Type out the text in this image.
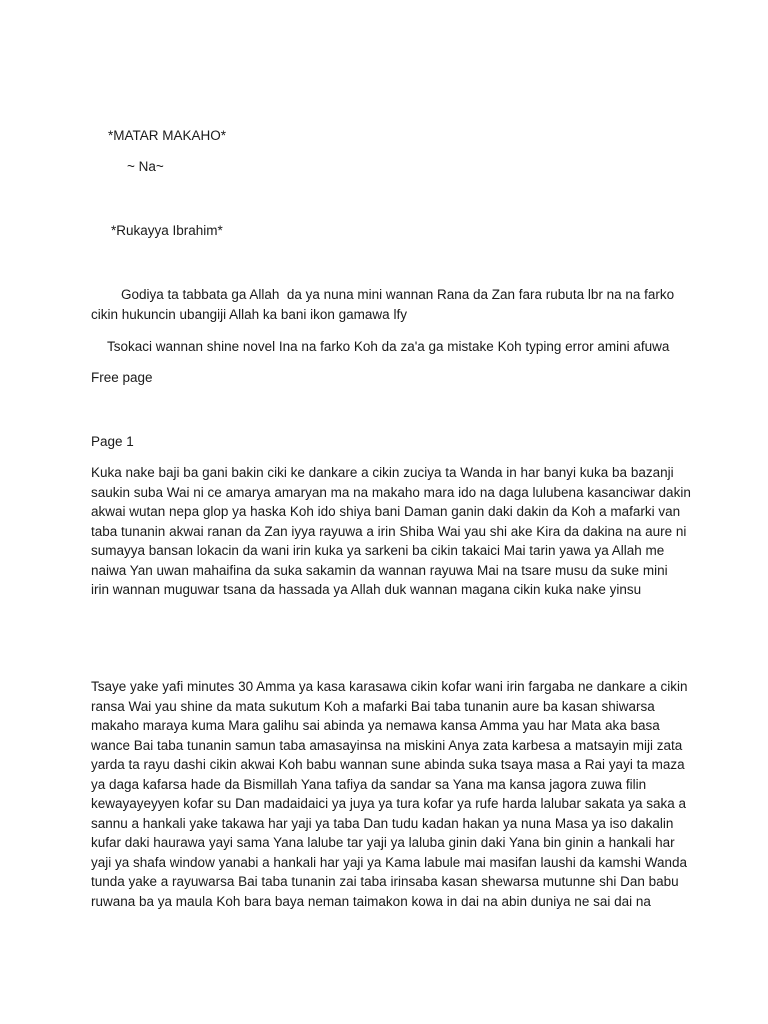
*MATAR MAKAHO*

~ Na~

*Rukayya Ibrahim*

Godiya ta tabbata ga Allah  da ya nuna mini wannan Rana da Zan fara rubuta lbr na na farko
cikin hukuncin ubangiji Allah ka bani ikon gamawa lfy

Tsokaci wannan shine novel Ina na farko Koh da za'a ga mistake Koh typing error amini afuwa

Free page

Page 1

Kuka nake baji ba gani bakin ciki ke dankare a cikin zuciya ta Wanda in har banyi kuka ba bazanji
saukin suba Wai ni ce amarya amaryan ma na makaho mara ido na daga lulubena kasanciwar dakin
akwai wutan nepa glop ya haska Koh ido shiya bani Daman ganin daki dakin da Koh a mafarki van
taba tunanin akwai ranan da Zan iyya rayuwa a irin Shiba Wai yau shi ake Kira da dakina na aure ni
sumayya bansan lokacin da wani irin kuka ya sarkeni ba cikin takaici Mai tarin yawa ya Allah me
naiwa Yan uwan mahaifina da suka sakamin da wannan rayuwa Mai na tsare musu da suke mini
irin wannan muguwar tsana da hassada ya Allah duk wannan magana cikin kuka nake yinsu
Tsaye yake yafi minutes 30 Amma ya kasa karasawa cikin kofar wani irin fargaba ne dankare a cikin
ransa Wai yau shine da mata sukutum Koh a mafarki Bai taba tunanin aure ba kasan shiwarsa
makaho maraya kuma Mara galihu sai abinda ya nemawa kansa Amma yau har Mata aka basa
wance Bai taba tunanin samun taba amasayinsa na miskini Anya zata karbesa a matsayin miji zata
yarda ta rayu dashi cikin akwai Koh babu wannan sune abinda suka tsaya masa a Rai yayi ta maza
ya daga kafarsa hade da Bismillah Yana tafiya da sandar sa Yana ma kansa jagora zuwa filin
kewayayeyyen kofar su Dan madaidaici ya juya ya tura kofar ya rufe harda lalubar sakata ya saka a
sannu a hankali yake takawa har yaji ya taba Dan tudu kadan hakan ya nuna Masa ya iso dakalin
kufar daki haurawa yayi sama Yana lalube tar yaji ya laluba ginin daki Yana bin ginin a hankali har
yaji ya shafa window yanabi a hankali har yaji ya Kama labule mai masifan laushi da kamshi Wanda
tunda yake a rayuwarsa Bai taba tunanin zai taba irinsaba kasan shewarsa mutunne shi Dan babu
ruwana ba ya maula Koh bara baya neman taimakon kowa in dai na abin duniya ne sai dai na
